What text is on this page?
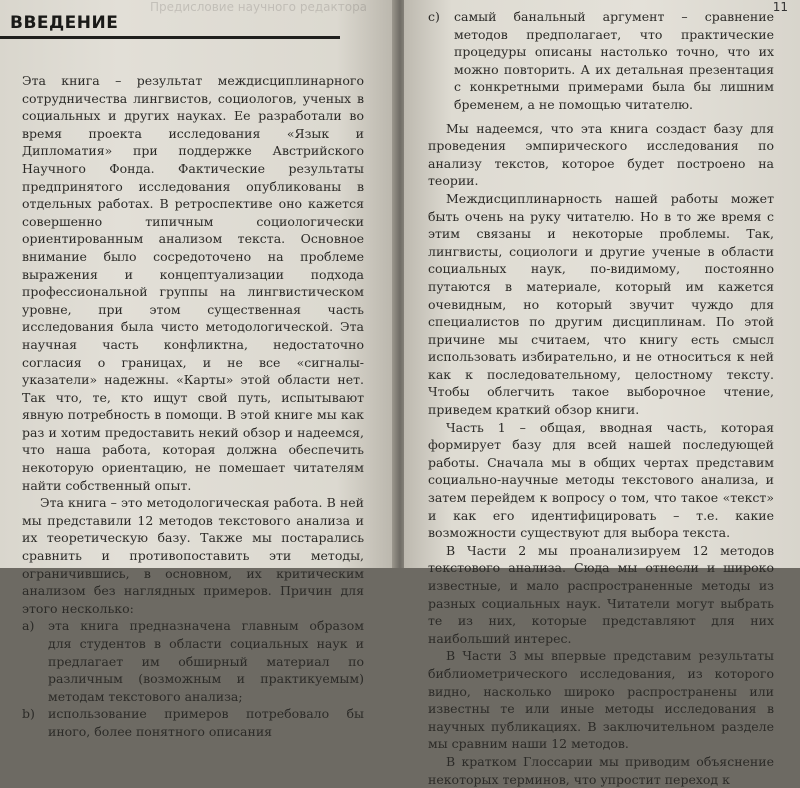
Предисловие научного редактора
ВВЕДЕНИЕ

Эта книга – результат междисциплинарного сотрудничества лингвистов, социологов, ученых в социальных и других науках. Ее разработали во время проекта исследования «Язык и Дипломатия» при поддержке Австрийского Научного Фонда. Фактические результаты предпринятого исследования опубликованы в отдельных работах. В ретроспективе оно кажется совершенно типичным социологически ориентированным анализом текста. Основное внимание было сосредоточено на проблеме выражения и концептуализации подхода профессиональной группы на лингвистическом уровне, при этом существенная часть исследования была чисто методологической. Эта научная часть конфликтна, недостаточно согласия о границах, и не все «сигналы-указатели» надежны. «Карты» этой области нет. Так что, те, кто ищут свой путь, испытывают явную потребность в помощи. В этой книге мы как раз и хотим предоставить некий обзор и надеемся, что наша работа, которая должна обеспечить некоторую ориентацию, не помешает читателям найти собственный опыт.

Эта книга – это методологическая работа. В ней мы представили 12 методов текстового анализа и их теоретическую базу. Также мы постарались сравнить и противопоставить эти методы, ограничившись, в основном, их критическим анализом без наглядных примеров. Причин для этого несколько:

a)	эта книга предназначена главным образом для студентов в области социальных наук и предлагает им обширный материал по различным (возможным и практикуемым) методам текстового анализа;
b)	использование примеров потребовало бы иного, более понятного описания
11
c)	самый банальный аргумент – сравнение методов предполагает, что практические процедуры описаны настолько точно, что их можно повторить. А их детальная презентация с конкретными примерами была бы лишним бременем, а не помощью читателю.

Мы надеемся, что эта книга создаст базу для проведения эмпирического исследования по анализу текстов, которое будет построено на теории.

Междисциплинарность нашей работы может быть очень на руку читателю. Но в то же время с этим связаны и некоторые проблемы. Так, лингвисты, социологи и другие ученые в области социальных наук, по-видимому, постоянно путаются в материале, который им кажется очевидным, но который звучит чуждо для специалистов по другим дисциплинам. По этой причине мы считаем, что книгу есть смысл использовать избирательно, и не относиться к ней как к последовательному, целостному тексту. Чтобы облегчить такое выборочное чтение, приведем краткий обзор книги.

Часть 1 – общая, вводная часть, которая формирует базу для всей нашей последующей работы. Сначала мы в общих чертах представим социально-научные методы текстового анализа, и затем перейдем к вопросу о том, что такое «текст» и как его идентифицировать – т.е. какие возможности существуют для выбора текста.

В Части 2 мы проанализируем 12 методов текстового анализа. Сюда мы отнесли и широко известные, и мало распространенные методы из разных социальных наук. Читатели могут выбрать те из них, которые представляют для них наибольший интерес.

В Части 3 мы впервые представим результаты библиометрического исследования, из которого видно, насколько широко распространены или известны те или иные методы исследования в научных публикациях. В заключительном разделе мы сравним наши 12 методов.

В кратком Глоссарии мы приводим объяснение некоторых терминов, что упростит переход к
